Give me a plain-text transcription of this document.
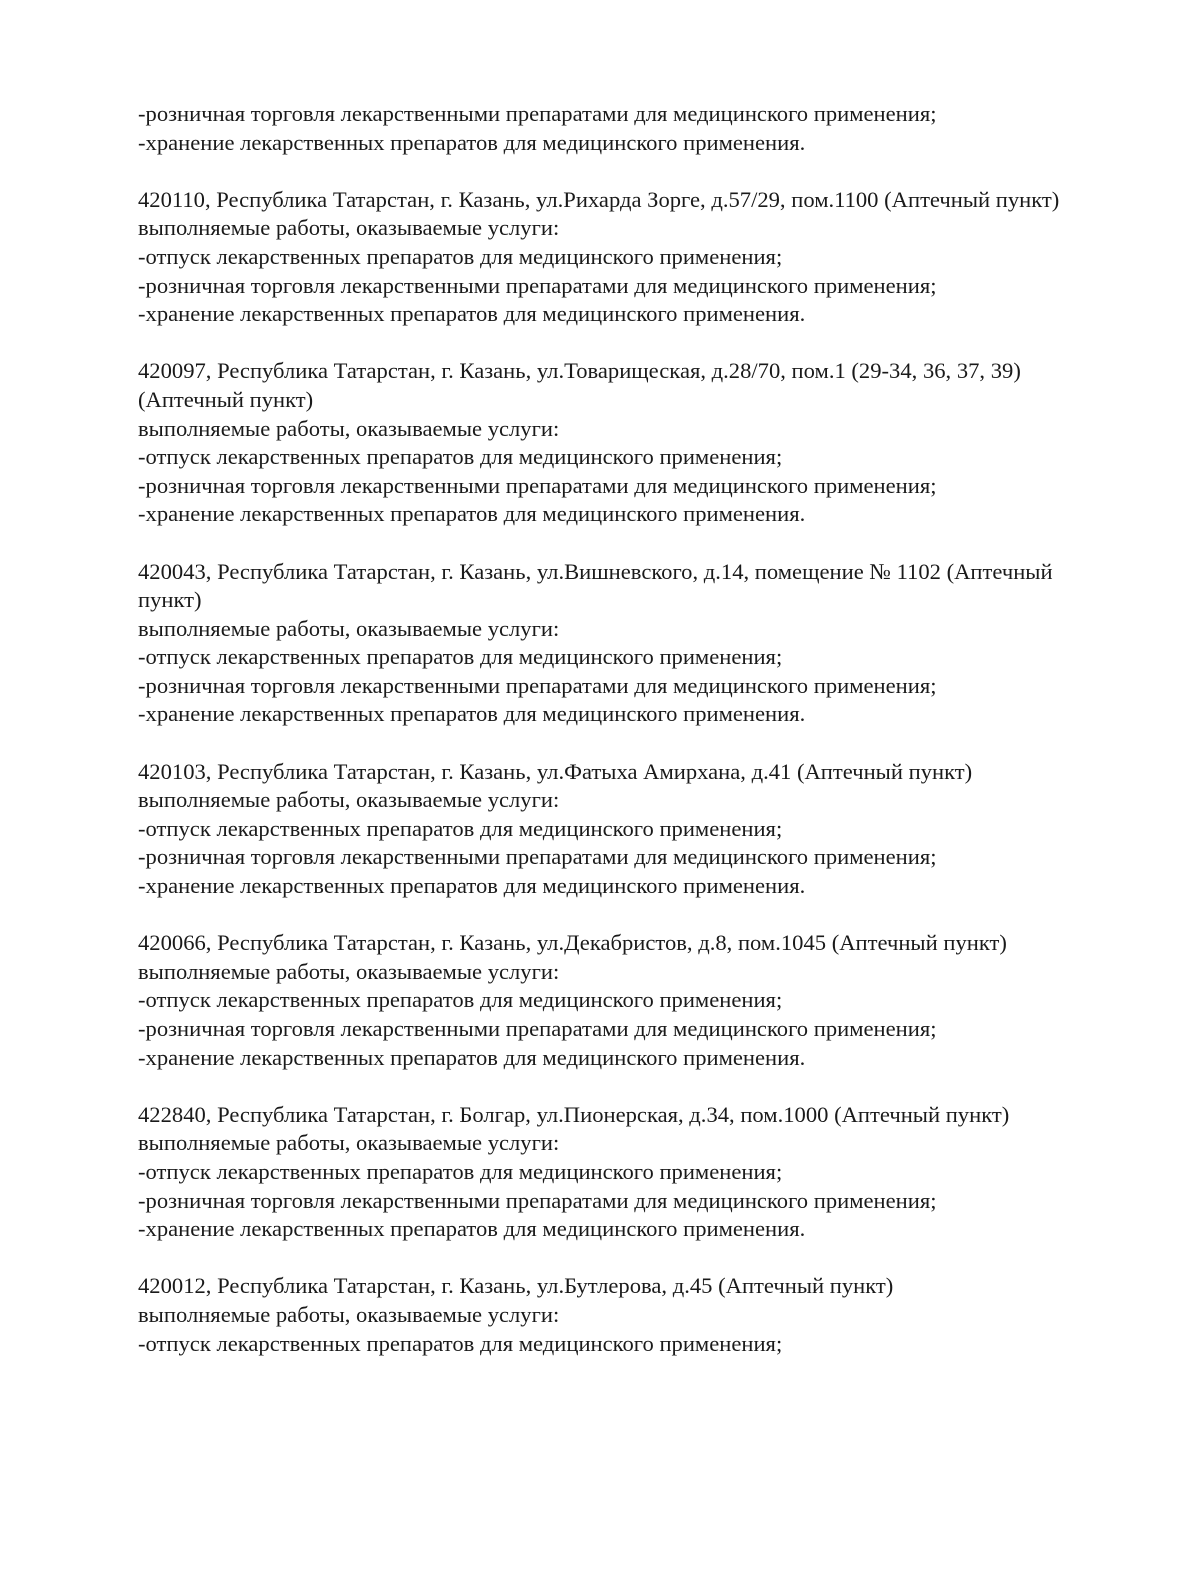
-розничная торговля лекарственными препаратами для медицинского применения;
-хранение лекарственных препаратов для медицинского применения.
420110, Республика Татарстан, г. Казань, ул.Рихарда Зорге, д.57/29, пом.1100 (Аптечный пункт)
выполняемые работы, оказываемые услуги:
-отпуск лекарственных препаратов для медицинского применения;
-розничная торговля лекарственными препаратами для медицинского применения;
-хранение лекарственных препаратов для медицинского применения.
420097, Республика Татарстан, г. Казань, ул.Товарищеская, д.28/70, пом.1 (29-34, 36, 37, 39)
(Аптечный пункт)
выполняемые работы, оказываемые услуги:
-отпуск лекарственных препаратов для медицинского применения;
-розничная торговля лекарственными препаратами для медицинского применения;
-хранение лекарственных препаратов для медицинского применения.
420043, Республика Татарстан, г. Казань, ул.Вишневского, д.14, помещение № 1102 (Аптечный
пункт)
выполняемые работы, оказываемые услуги:
-отпуск лекарственных препаратов для медицинского применения;
-розничная торговля лекарственными препаратами для медицинского применения;
-хранение лекарственных препаратов для медицинского применения.
420103, Республика Татарстан, г. Казань, ул.Фатыха Амирхана, д.41 (Аптечный пункт)
выполняемые работы, оказываемые услуги:
-отпуск лекарственных препаратов для медицинского применения;
-розничная торговля лекарственными препаратами для медицинского применения;
-хранение лекарственных препаратов для медицинского применения.
420066, Республика Татарстан, г. Казань, ул.Декабристов, д.8, пом.1045 (Аптечный пункт)
выполняемые работы, оказываемые услуги:
-отпуск лекарственных препаратов для медицинского применения;
-розничная торговля лекарственными препаратами для медицинского применения;
-хранение лекарственных препаратов для медицинского применения.
422840, Республика Татарстан, г. Болгар, ул.Пионерская, д.34, пом.1000 (Аптечный пункт)
выполняемые работы, оказываемые услуги:
-отпуск лекарственных препаратов для медицинского применения;
-розничная торговля лекарственными препаратами для медицинского применения;
-хранение лекарственных препаратов для медицинского применения.
420012, Республика Татарстан, г. Казань, ул.Бутлерова, д.45 (Аптечный пункт)
выполняемые работы, оказываемые услуги:
-отпуск лекарственных препаратов для медицинского применения;
